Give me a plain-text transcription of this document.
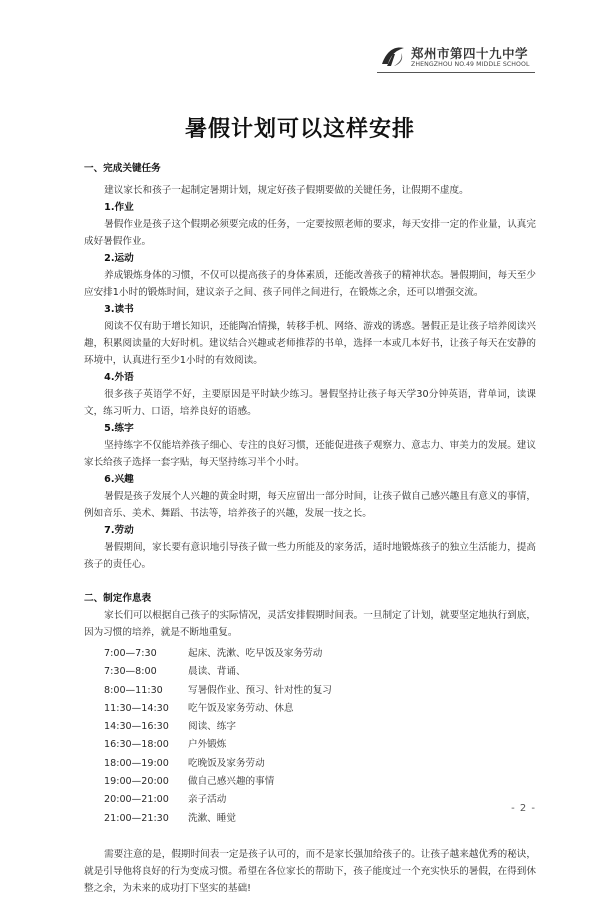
郑州市第四十九中学
ZHENGZHOU NO.49 MIDDLE SCHOOL
暑假计划可以这样安排

一、完成关键任务

建议家长和孩子一起制定暑期计划，规定好孩子假期要做的关键任务，让假期不虚度。

1.作业

暑假作业是孩子这个假期必须要完成的任务，一定要按照老师的要求，每天安排一定的作业量，认真完成好暑假作业。

2.运动

养成锻炼身体的习惯，不仅可以提高孩子的身体素质，还能改善孩子的精神状态。暑假期间，每天至少应安排1小时的锻炼时间，建议亲子之间、孩子同伴之间进行，在锻炼之余，还可以增强交流。

3.读书

阅读不仅有助于增长知识，还能陶冶情操，转移手机、网络、游戏的诱惑。暑假正是让孩子培养阅读兴趣，积累阅读量的大好时机。建议结合兴趣或老师推荐的书单，选择一本或几本好书，让孩子每天在安静的环境中，认真进行至少1小时的有效阅读。

4.外语

很多孩子英语学不好，主要原因是平时缺少练习。暑假坚持让孩子每天学30分钟英语，背单词，读课文，练习听力、口语，培养良好的语感。

5.练字

坚持练字不仅能培养孩子细心、专注的良好习惯，还能促进孩子观察力、意志力、审美力的发展。建议家长给孩子选择一套字贴，每天坚持练习半个小时。

6.兴趣

暑假是孩子发展个人兴趣的黄金时期，每天应留出一部分时间，让孩子做自己感兴趣且有意义的事情，例如音乐、美术、舞蹈、书法等，培养孩子的兴趣，发展一技之长。

7.劳动

暑假期间，家长要有意识地引导孩子做一些力所能及的家务活，适时地锻炼孩子的独立生活能力，提高孩子的责任心。

二、制定作息表

家长们可以根据自己孩子的实际情况，灵活安排假期时间表。一旦制定了计划，就要坚定地执行到底，因为习惯的培养，就是不断地重复。

7:00—7:30	起床、洗漱、吃早饭及家务劳动
7:30—8:00	晨读、背诵、
8:00—11:30	写暑假作业、预习、针对性的复习
11:30—14:30	吃午饭及家务劳动、休息
14:30—16:30	阅读、练字
16:30—18:00	户外锻炼
18:00—19:00	吃晚饭及家务劳动
19:00—20:00	做自己感兴趣的事情
20:00—21:00	亲子活动
21:00—21:30	洗漱、睡觉

需要注意的是，假期时间表一定是孩子认可的，而不是家长强加给孩子的。让孩子越来越优秀的秘诀，就是引导他将良好的行为变成习惯。希望在各位家长的帮助下，孩子能度过一个充实快乐的暑假，在得到休整之余，为未来的成功打下坚实的基础!

- 2 -
